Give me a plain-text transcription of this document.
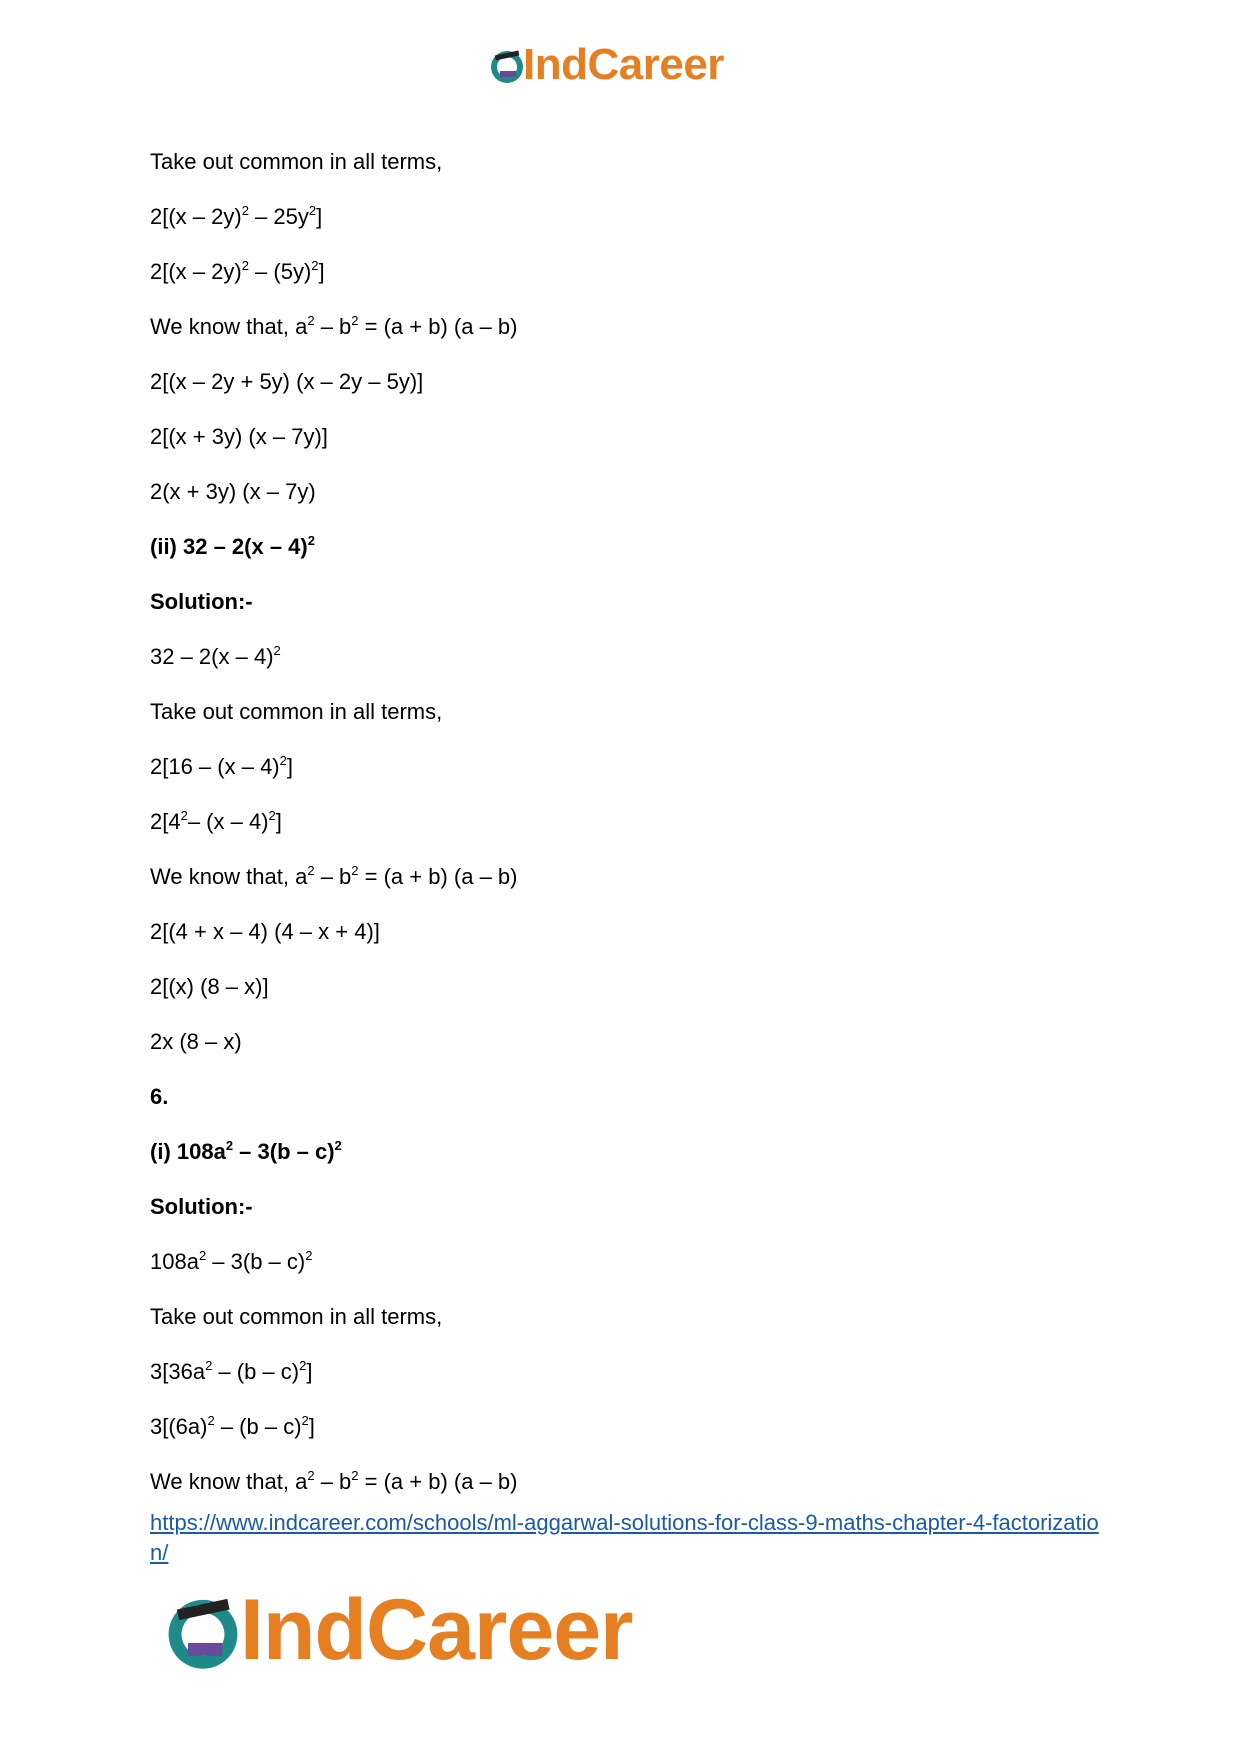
IndCareer
Take out common in all terms,
$2[(x - 2y)^2 - 25y^2]$
$2[(x - 2y)^2 - (5y)^2]$
We know that, $a^2 - b^2 = (a + b)$ (a – b)
2[(x – 2y + 5y) (x – 2y – 5y)]
2[(x + 3y) (x – 7y)]
2(x + 3y) (x – 7y)
(ii) 32 – 2(x – 4)$^2$
Solution:-
32 – 2(x – 4)$^2$
Take out common in all terms,
2[16 – (x – 4)$^2$]
$2[4^2-$ (x – 4)$^2$]
We know that, $a^2 - b^2 = (a + b)$ (a – b)
2[(4 + x – 4) (4 – x + 4)]
2[(x) (8 – x)]
2x (8 – x)
6.
(i) $108a^2 - 3(b - c)^2$
Solution:-
$108a^2 - 3(b - c)^2$
Take out common in all terms,
$3[36a^2 - (b - c)^2]$
$3[(6a)^2 - (b - c)^2]$
We know that, $a^2 - b^2 = (a + b)$ (a – b)
https://www.indcareer.com/schools/ml-aggarwal-solutions-for-class-9-maths-chapter-4-factorization/
IndCareer
